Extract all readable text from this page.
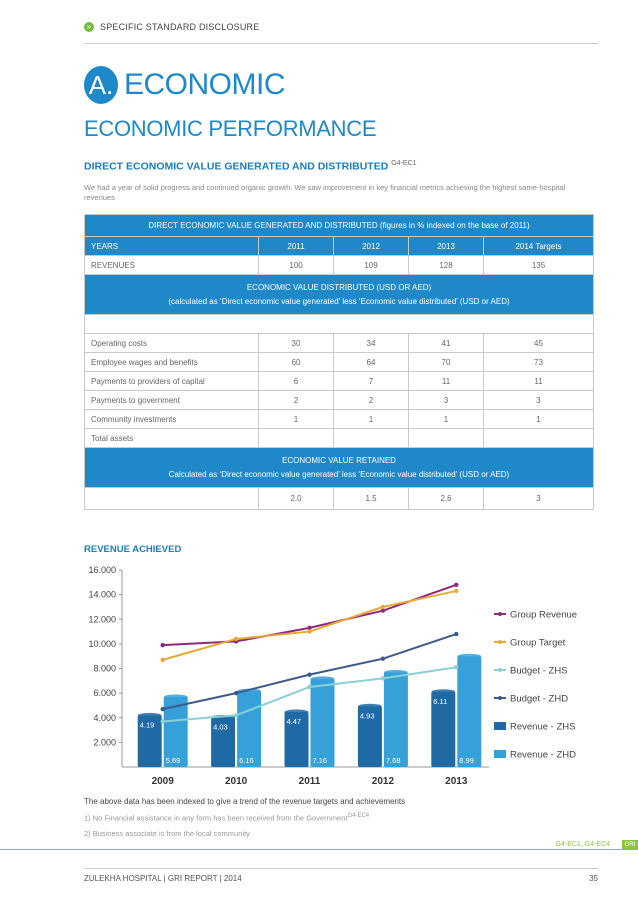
» SPECIFIC STANDARD DISCLOSURE
A. ECONOMIC
ECONOMIC PERFORMANCE
DIRECT ECONOMIC VALUE GENERATED AND DISTRIBUTED $^{G4-EC1}$
We had a year of solid progress and continued organic growth. We saw improvement in key financial metrics achieving the highest same-hospital revenues
DIRECT ECONOMIC VALUE GENERATED AND DISTRIBUTED (figures in % indexed on the base of 2011)				
YEARS	2011	2012	2013	2014 Targets
REVENUES	100	109	128	135

ECONOMIC VALUE DISTRIBUTED (USD OR AED)
(calculated as ‘Direct economic value generated’ less ‘Economic value distributed’ (USD or AED)				

Operating costs	30	34	41	45
Employee wages and benefits	60	64	70	73
Payments to providers of capital	6	7	11	11
Payments to government	2	2	3	3
Community investments	1	1	1	1
Total assets				

ECONOMIC VALUE RETAINED
Calculated as ‘Direct economic value generated’ less ‘Economic value distributed’ (USD or AED)				

	2.0	1.5	2.6	3
REVENUE ACHIEVED
2.000
4.000
6.000
8.000
10.000
12.000
14.000
16.000
4.19	4.03
4.47
4.93
6.11
5.69	6.16	7.16	7.68	8.99
2009	2010	2011	2012	2013
Group Revenue
Group Target
Budget - ZHS
Budget - ZHD
Revenue - ZHS
Revenue - ZHD
The above data has been indexed to give a trend of the revenue targets and achievements
1) No Financial assistance in any form has been received from the Government$^{G4-EC4}$
2) Business associate is from the local community
G4-EC1, G4-EC4	GRI
ZULEKHA HOSPITAL | GRI REPORT | 2014	35
